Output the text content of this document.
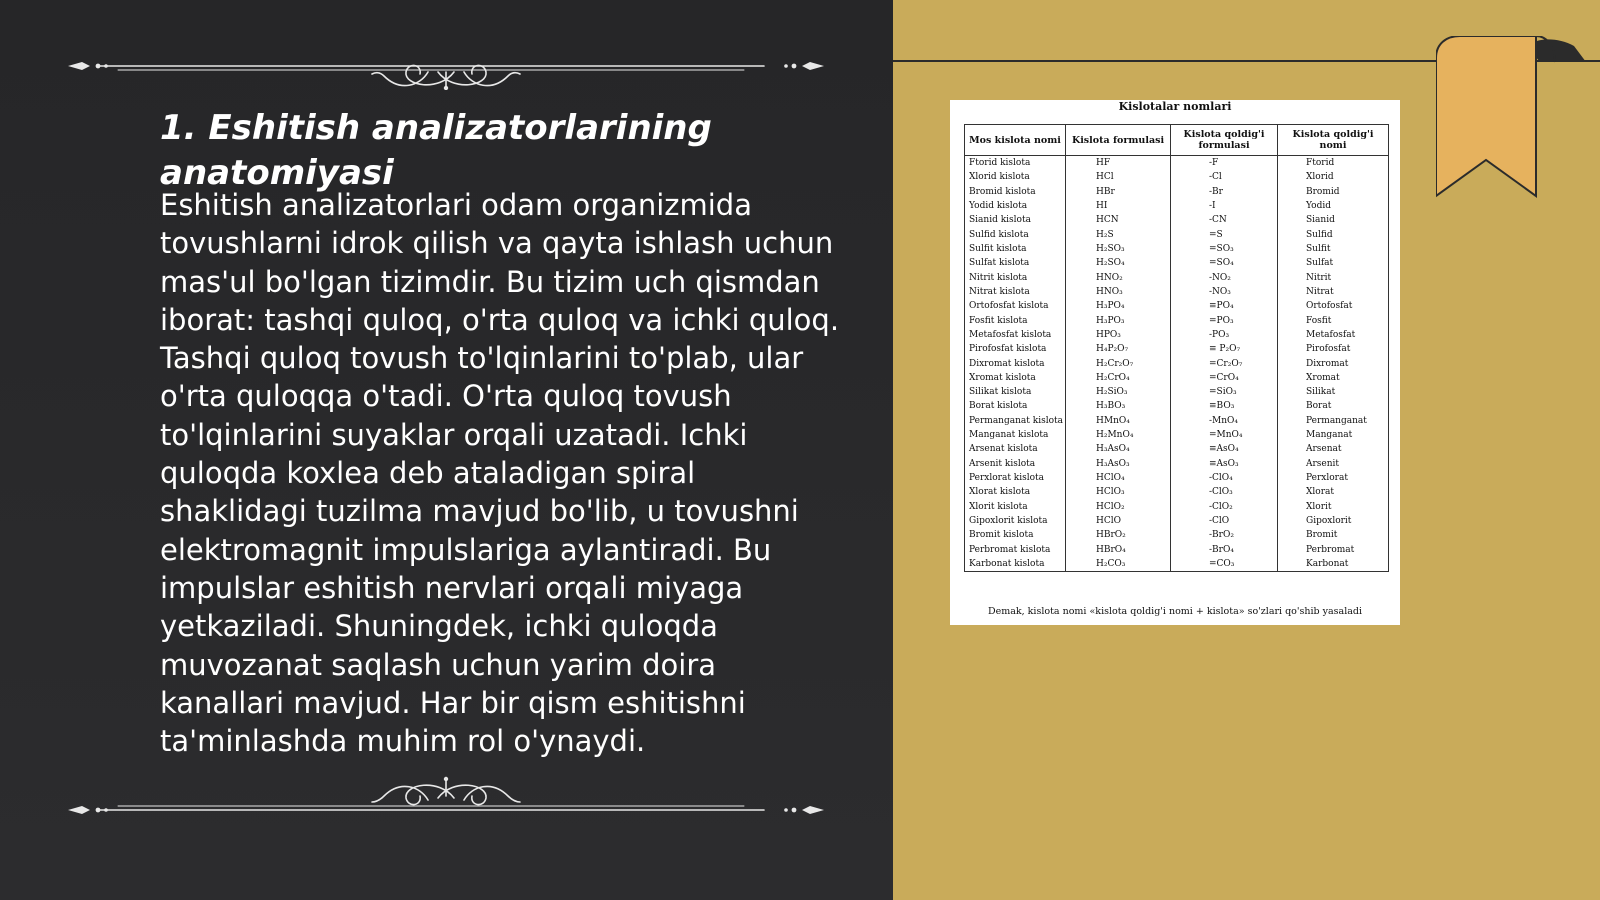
1. Eshitish analizatorlarining anatomiyasi

Eshitish analizatorlari odam organizmida tovushlarni idrok qilish va qayta ishlash uchun mas'ul bo'lgan tizimdir. Bu tizim uch qismdan iborat: tashqi quloq, o'rta quloq va ichki quloq. Tashqi quloq tovush to'lqinlarini to'plab, ular o'rta quloqqa o'tadi. O'rta quloq tovush to'lqinlarini suyaklar orqali uzatadi. Ichki quloqda koxlea deb ataladigan spiral shaklidagi tuzilma mavjud bo'lib, u tovushni elektromagnit impulslariga aylantiradi. Bu impulslar eshitish nervlari orqali miyaga yetkaziladi. Shuningdek, ichki quloqda muvozanat saqlash uchun yarim doira kanallari mavjud. Har bir qism eshitishni ta'minlashda muhim rol o'ynaydi.

Kislotalar nomlari
Mos kislota nomi	Kislota formulasi	Kislota qoldig'i formulasi	Kislota qoldig'i nomi
Ftorid kislota	HF	-F	Ftorid
Xlorid kislota	HCl	-Cl	Xlorid
Bromid kislota	HBr	-Br	Bromid
Yodid kislota	HI	-I	Yodid
Sianid kislota	HCN	-CN	Sianid
Sulfid kislota	H₂S	=S	Sulfid
Sulfit kislota	H₂SO₃	=SO₃	Sulfit
Sulfat kislota	H₂SO₄	=SO₄	Sulfat
Nitrit kislota	HNO₂	-NO₂	Nitrit
Nitrat kislota	HNO₃	-NO₃	Nitrat
Ortofosfat kislota	H₃PO₄	≡PO₄	Ortofosfat
Fosfit kislota	H₃PO₃	=PO₃	Fosfit
Metafosfat kislota	HPO₃	-PO₃	Metafosfat
Pirofosfat kislota	H₄P₂O₇	≡ P₂O₇	Pirofosfat
Dixromat kislota	H₂Cr₂O₇	=Cr₂O₇	Dixromat
Xromat kislota	H₂CrO₄	=CrO₄	Xromat
Silikat kislota	H₂SiO₃	=SiO₃	Silikat
Borat kislota	H₃BO₃	≡BO₃	Borat
Permanganat kislota	HMnO₄	-MnO₄	Permanganat
Manganat kislota	H₂MnO₄	=MnO₄	Manganat
Arsenat kislota	H₃AsO₄	≡AsO₄	Arsenat
Arsenit kislota	H₃AsO₃	≡AsO₃	Arsenit
Perxlorat kislota	HClO₄	-ClO₄	Perxlorat
Xlorat kislota	HClO₃	-ClO₃	Xlorat
Xlorit kislota	HClO₂	-ClO₂	Xlorit
Gipoxlorit kislota	HClO	-ClO	Gipoxlorit
Bromit kislota	HBrO₂	-BrO₂	Bromit
Perbromat kislota	HBrO₄	-BrO₄	Perbromat
Karbonat kislota	H₂CO₃	=CO₃	Karbonat
Demak, kislota nomi «kislota qoldig'i nomi + kislota» so'zlari qo'shib yasaladi
